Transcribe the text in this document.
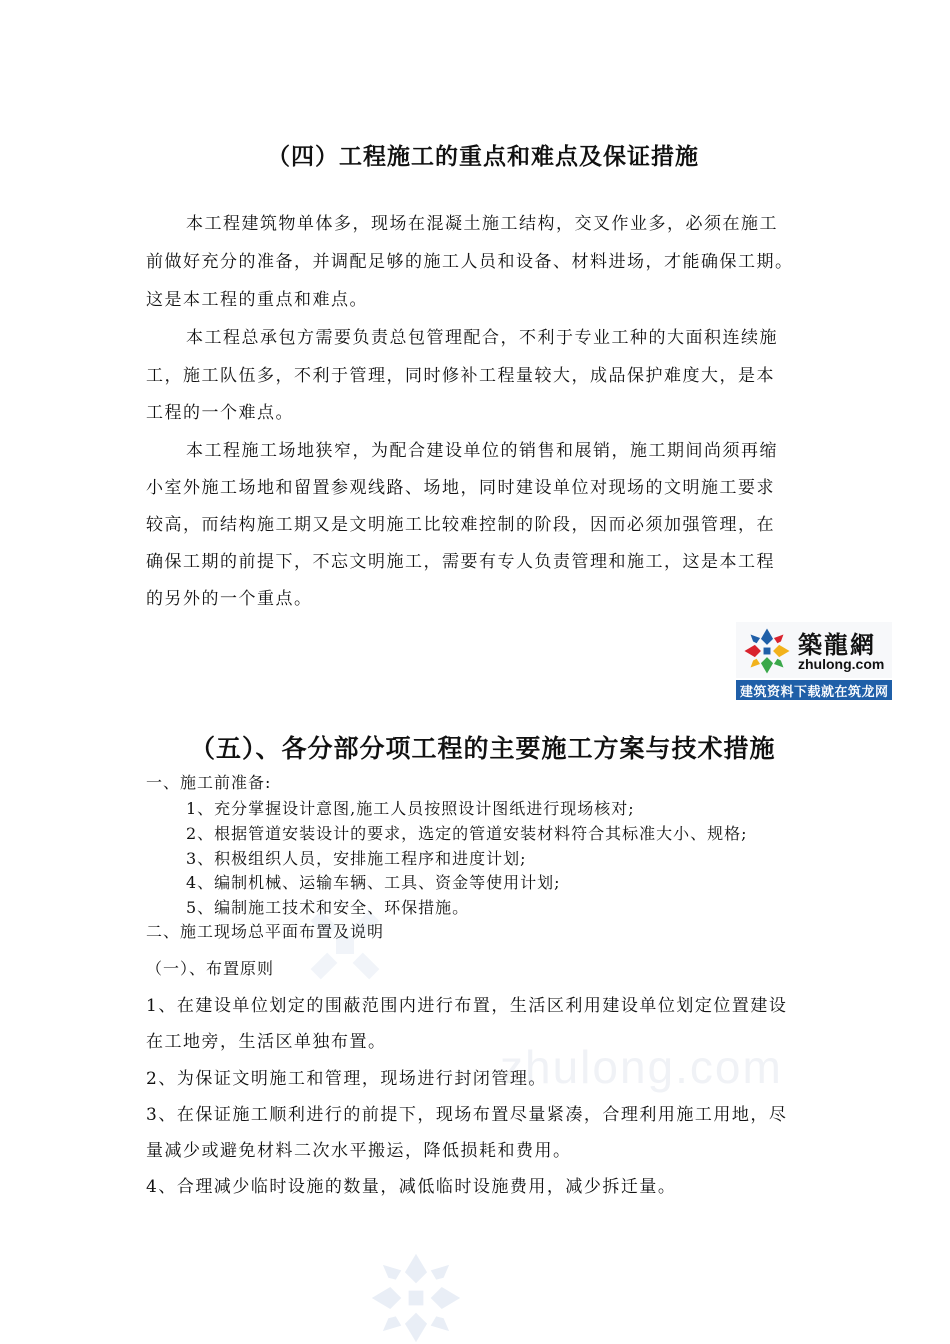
zhulong.com
（四）工程施工的重点和难点及保证措施
本工程建筑物单体多，现场在混凝土施工结构，交叉作业多，必须在施工
前做好充分的准备，并调配足够的施工人员和设备、材料进场，才能确保工期。
这是本工程的重点和难点。
本工程总承包方需要负责总包管理配合，不利于专业工种的大面积连续施
工，施工队伍多，不利于管理，同时修补工程量较大，成品保护难度大，是本
工程的一个难点。
本工程施工场地狭窄，为配合建设单位的销售和展销，施工期间尚须再缩
小室外施工场地和留置参观线路、场地，同时建设单位对现场的文明施工要求
较高，而结构施工期又是文明施工比较难控制的阶段，因而必须加强管理，在
确保工期的前提下，不忘文明施工，需要有专人负责管理和施工，这是本工程
的另外的一个重点。
築龍網
zhulong.com
建筑资料下载就在筑龙网
（五）、各分部分项工程的主要施工方案与技术措施
一、施工前准备:
1、充分掌握设计意图,施工人员按照设计图纸进行现场核对;
2、根据管道安装设计的要求，选定的管道安装材料符合其标准大小、规格;
3、积极组织人员，安排施工程序和进度计划;
4、编制机械、运输车辆、工具、资金等使用计划;
5、编制施工技术和安全、环保措施。
二、施工现场总平面布置及说明
（一）、布置原则
1、在建设单位划定的围蔽范围内进行布置，生活区利用建设单位划定位置建设
在工地旁，生活区单独布置。
2、为保证文明施工和管理，现场进行封闭管理。
3、在保证施工顺利进行的前提下，现场布置尽量紧凑，合理利用施工用地，尽
量减少或避免材料二次水平搬运，降低损耗和费用。
4、合理减少临时设施的数量，减低临时设施费用，减少拆迁量。
